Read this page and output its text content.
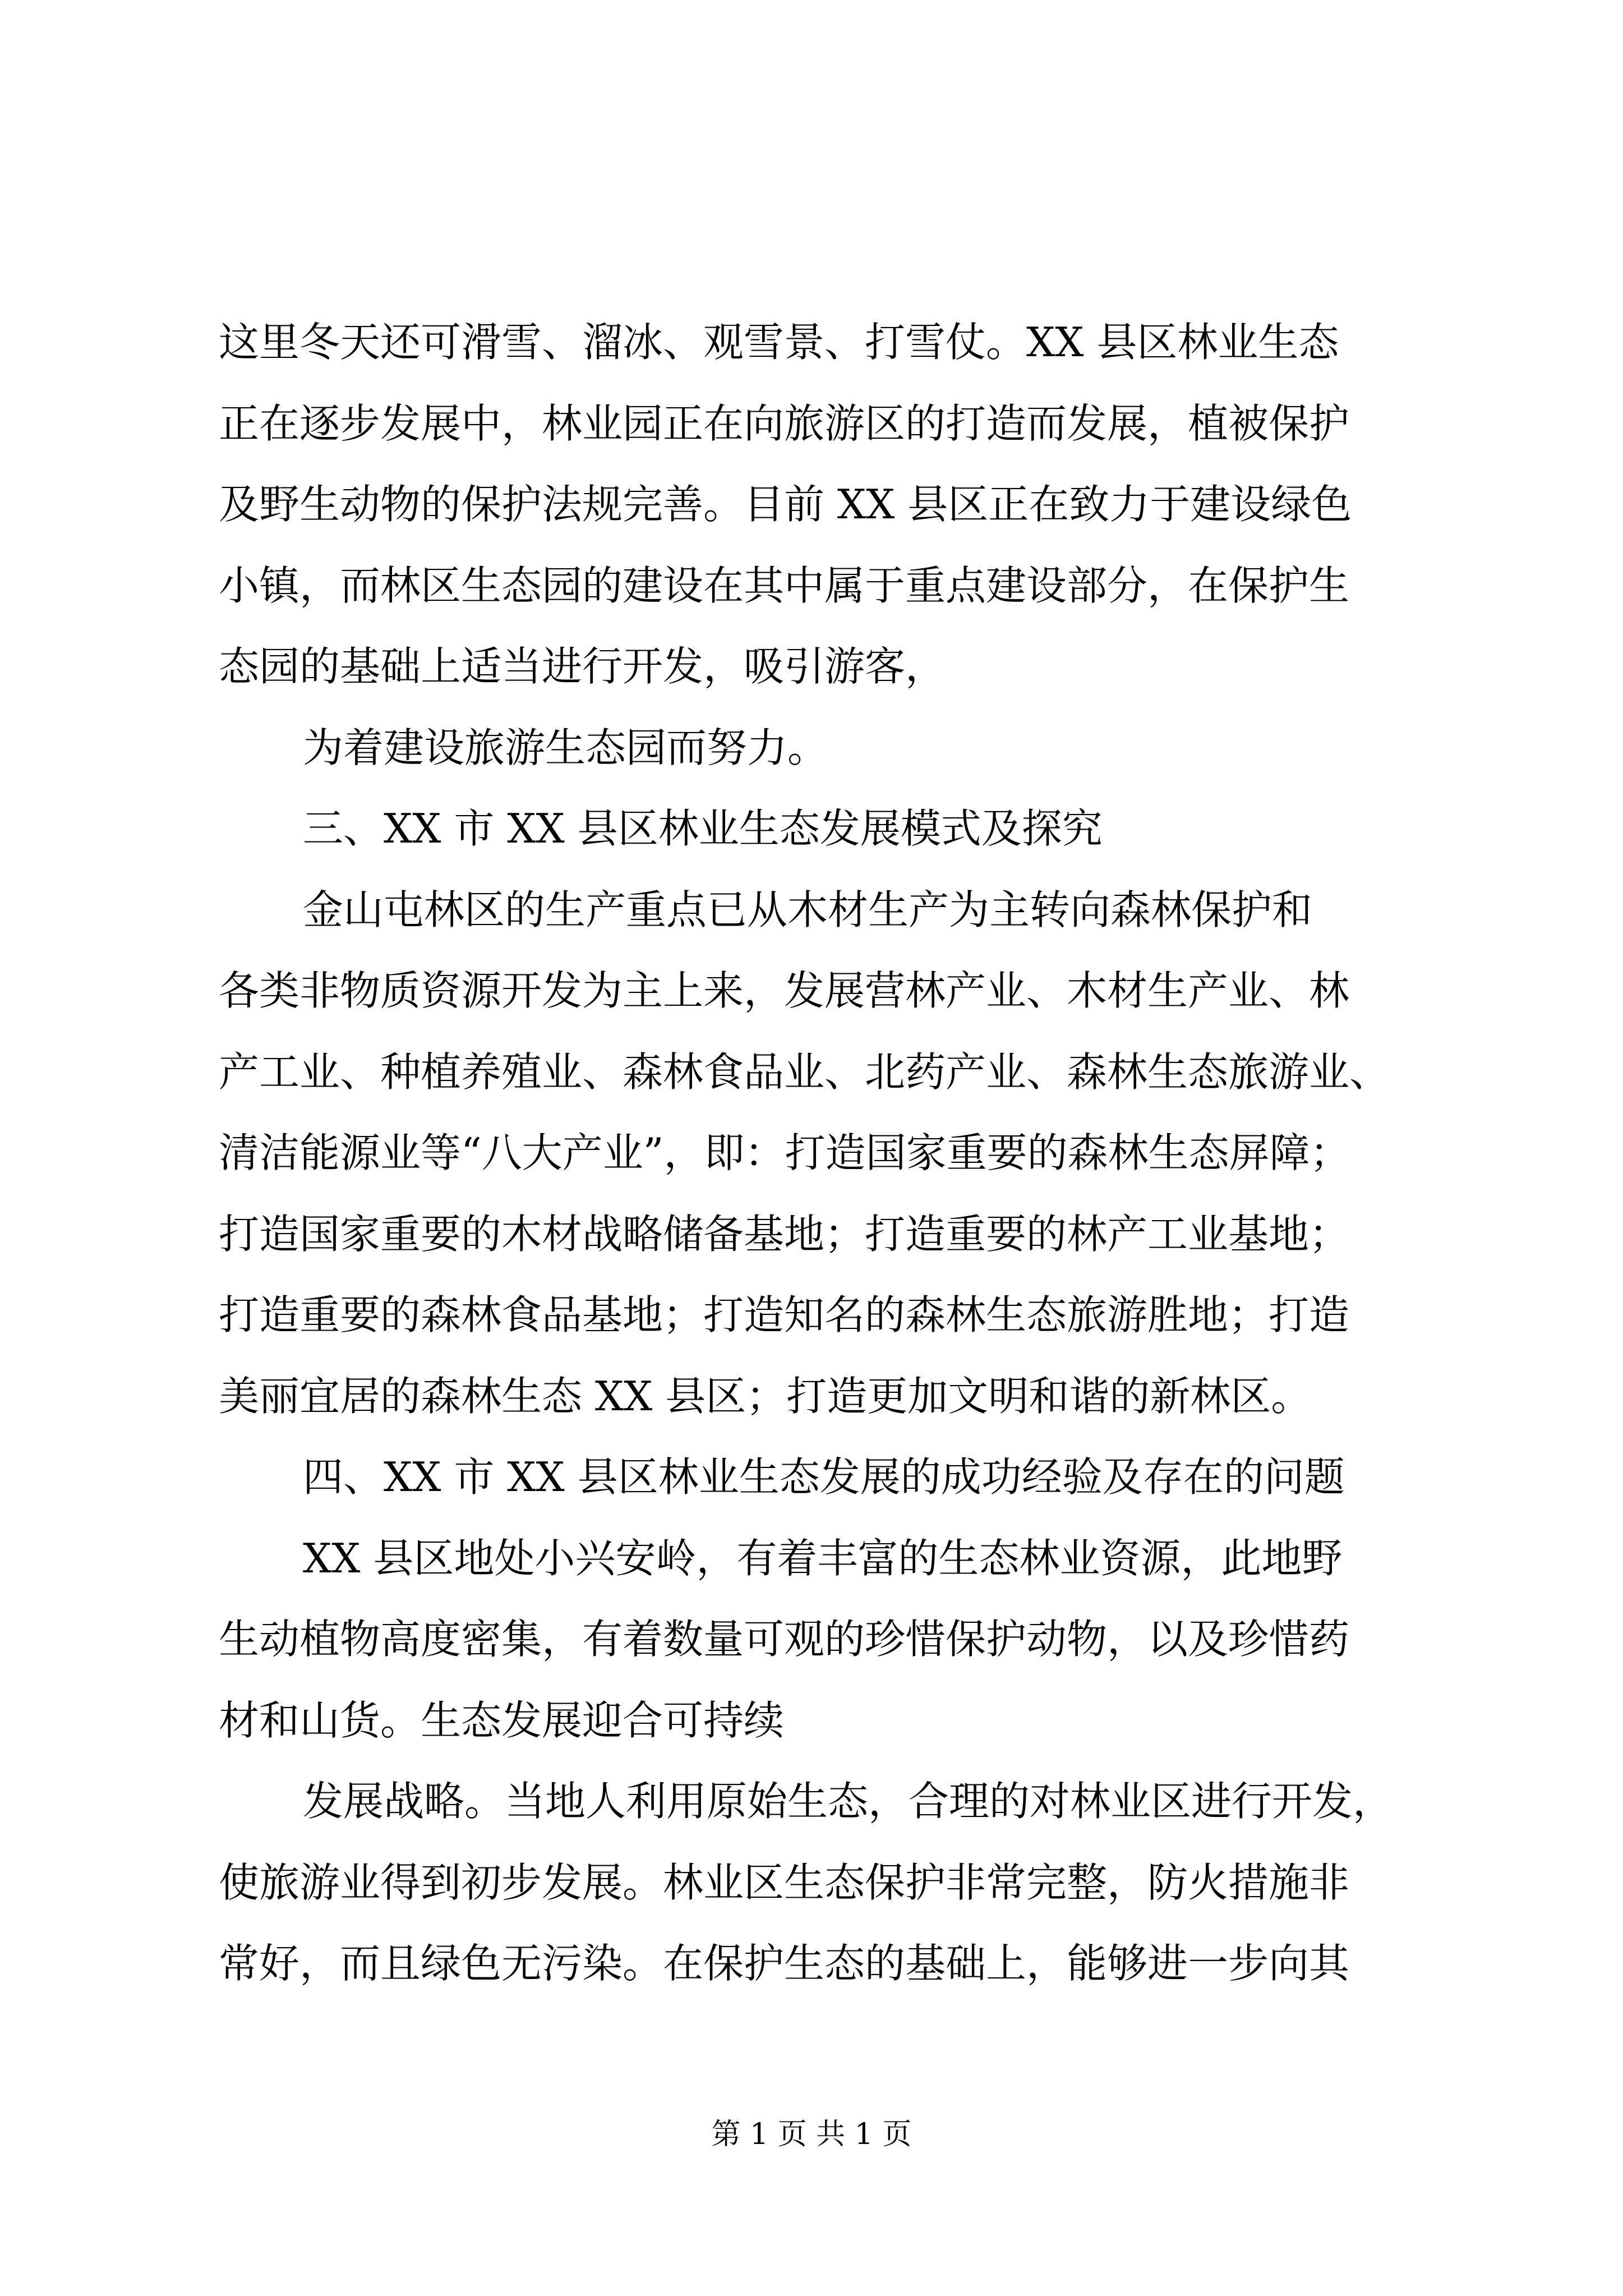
这里冬天还可滑雪、溜冰、观雪景、打雪仗。XX 县区林业生态
正在逐步发展中，林业园正在向旅游区的打造而发展，植被保护
及野生动物的保护法规完善。目前 XX 县区正在致力于建设绿色
小镇，而林区生态园的建设在其中属于重点建设部分，在保护生
态园的基础上适当进行开发，吸引游客，
为着建设旅游生态园而努力。
三、XX 市 XX 县区林业生态发展模式及探究
金山屯林区的生产重点已从木材生产为主转向森林保护和
各类非物质资源开发为主上来，发展营林产业、木材生产业、林
产工业、种植养殖业、森林食品业、北药产业、森林生态旅游业、
清洁能源业等“八大产业”，即：打造国家重要的森林生态屏障；
打造国家重要的木材战略储备基地；打造重要的林产工业基地；
打造重要的森林食品基地；打造知名的森林生态旅游胜地；打造
美丽宜居的森林生态 XX 县区；打造更加文明和谐的新林区。
四、XX 市 XX 县区林业生态发展的成功经验及存在的问题
XX 县区地处小兴安岭，有着丰富的生态林业资源，此地野
生动植物高度密集，有着数量可观的珍惜保护动物，以及珍惜药
材和山货。生态发展迎合可持续
发展战略。当地人利用原始生态，合理的对林业区进行开发，
使旅游业得到初步发展。林业区生态保护非常完整，防火措施非
常好，而且绿色无污染。在保护生态的基础上，能够进一步向其
第 1 页 共 1 页
